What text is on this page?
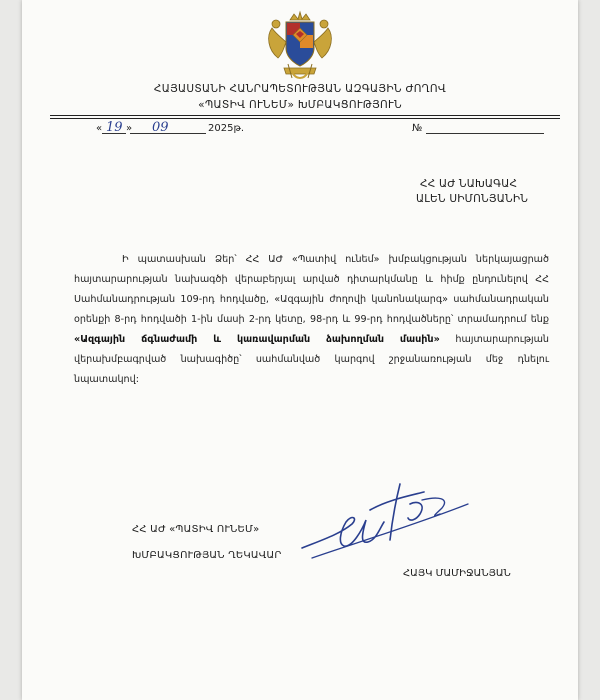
ՀԱՅԱՍՏԱՆԻ ՀԱՆՐԱՊԵՏՈՒԹՅԱՆ ԱԶԳԱՅԻՆ ԺՈՂՈՎ
«ՊԱՏԻՎ ՈՒՆԵՄ» ԽՄԲԱԿՑՈՒԹՅՈՒՆ
« 19 » 09	2025թ.	№
ՀՀ ԱԺ ՆԱԽԱԳԱՀ
ԱԼԵՆ ՍԻՄՈՆՅԱՆԻՆ
Ի պատասխան Ձեր՝ ՀՀ ԱԺ «Պատիվ ունեմ» խմբակցության ներկայացրած հայտարարության նախագծի վերաբերյալ արված դիտարկմանը և հիմք ընդունելով ՀՀ Սահմանադրության 109-րդ հոդվածը, «Ազգային ժողովի կանոնակարգ» սահմանադրական օրենքի 8-րդ հոդվածի 1-ին մասի 2-րդ կետը, 98-րդ և 99-րդ հոդվածները՝ տրամադրում ենք «Ազգային ճգնաժամի և կառավարման ձախողման մասին» հայտարարության վերախմբագրված նախագիծը՝ սահմանված կարգով շրջանառության մեջ դնելու նպատակով:
ՀՀ ԱԺ «ՊԱՏԻՎ ՈՒՆԵՄ»
ԽՄԲԱԿՑՈՒԹՅԱՆ ՂԵԿԱՎԱՐ
ՀԱՅԿ ՄԱՄԻՋԱՆՅԱՆ
